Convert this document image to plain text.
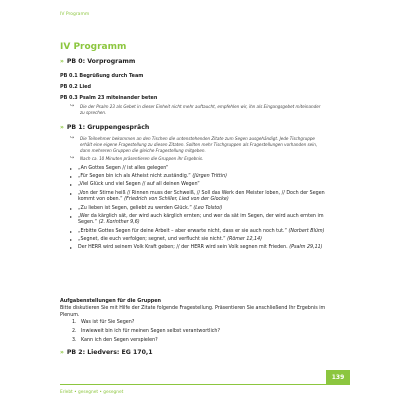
IV Programm
IV Programm
» PB 0: Vorprogramm
PB 0.1 Begrüßung durch Team
PB 0.2 Lied
PB 0.3 Psalm 23 miteinander beten
↪	Die der Psalm 23 als Gebet in dieser Einheit nicht mehr auftaucht, empfehlen wir, ihn als Eingangsgebet miteinander zu sprechen.
» PB 1: Gruppengespräch
↪	Die Teilnehmer bekommen an den Tischen die untenstehenden Zitate zum Segen ausgehändigt. Jede Tischgruppe erhält eine eigene Fragestellung zu diesen Zitaten. Sollten mehr Tischgruppen als Fragestellungen vorhanden sein, dann mehreren Gruppen die gleiche Fragestellung mitgeben.
↪	Nach ca. 10 Minuten präsentieren die Gruppen ihr Ergebnis.
▸ „An Gottes Segen // ist alles gelegen“
▸ „Für Segen bin ich als Atheist nicht zuständig.“ (Jürgen Trittin)
▸ „Viel Glück und viel Segen // auf all deinen Wegen“
▸ „Von der Stirne heiß // Rinnen muss der Schweiß, // Soll das Werk den Meister loben, // Doch der Segen kommt von oben.“ (Friedrich von Schiller, Lied von der Glocke)
▸ „Zu lieben ist Segen, geliebt zu werden Glück.“ (Leo Tolstoi)
▸ „Wer da kärglich sät, der wird auch kärglich ernten; und wer da sät im Segen, der wird auch ernten im Segen.“ (2. Korinther 9,6)
▸ „Erbitte Gottes Segen für deine Arbeit – aber erwarte nicht, dass er sie auch noch tut.“ (Norbert Blüm)
▸ „Segnet, die euch verfolgen; segnet, und verflucht sie nicht.“ (Römer 12,14)
▸ Der HERR wird seinem Volk Kraft geben; // der HERR wird sein Volk segnen mit Frieden. (Psalm 29,11)
Aufgabenstellungen für die Gruppen
Bitte diskutieren Sie mit Hilfe der Zitate folgende Fragestellung. Präsentieren Sie anschließend Ihr Ergebnis im Plenum.
1. Was ist für Sie Segen?
2. Inwieweit bin ich für meinen Segen selbst verantwortlich?
3. Kann ich den Segen verspielen?
» PB 2: Liedvers: EG 170,1
139
Erlebt • gesegnet • gesegnet
